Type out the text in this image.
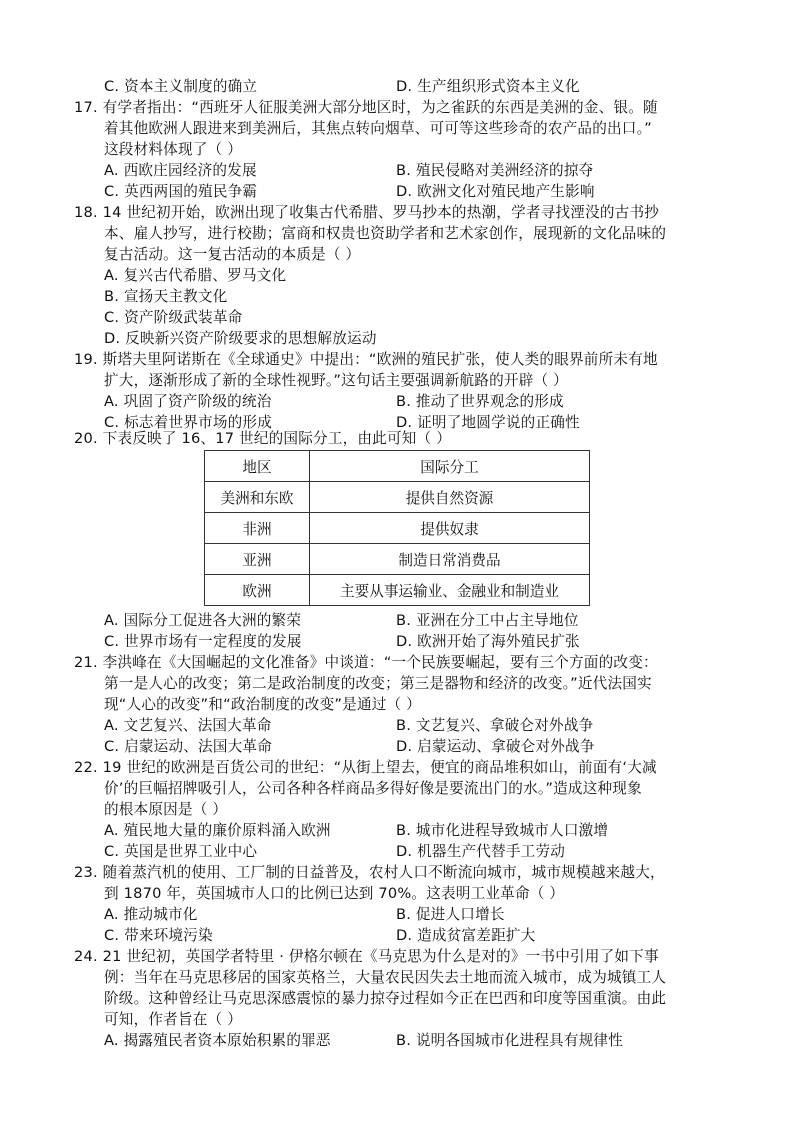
C. 资本主义制度的确立	D. 生产组织形式资本主义化
17. 有学者指出：“西班牙人征服美洲大部分地区时，为之雀跃的东西是美洲的金、银。随
着其他欧洲人跟进来到美洲后，其焦点转向烟草、可可等这些珍奇的农产品的出口。”
这段材料体现了（ ）
A. 西欧庄园经济的发展	B. 殖民侵略对美洲经济的掠夺
C. 英西两国的殖民争霸	D. 欧洲文化对殖民地产生影响
18. 14 世纪初开始，欧洲出现了收集古代希腊、罗马抄本的热潮，学者寻找湮没的古书抄
本、雇人抄写，进行校勘；富商和权贵也资助学者和艺术家创作，展现新的文化品味的
复古活动。这一复古活动的本质是（ ）
A. 复兴古代希腊、罗马文化
B. 宣扬天主教文化
C. 资产阶级武装革命
D. 反映新兴资产阶级要求的思想解放运动
19. 斯塔夫里阿诺斯在《全球通史》中提出：“欧洲的殖民扩张，使人类的眼界前所未有地
扩大，逐渐形成了新的全球性视野。”这句话主要强调新航路的开辟（ ）
A. 巩固了资产阶级的统治	B. 推动了世界观念的形成
C. 标志着世界市场的形成	D. 证明了地圆学说的正确性
20. 下表反映了 16、17 世纪的国际分工，由此可知（ ）
地区	国际分工
美洲和东欧	提供自然资源
非洲	提供奴隶
亚洲	制造日常消费品
欧洲	主要从事运输业、金融业和制造业
A. 国际分工促进各大洲的繁荣	B. 亚洲在分工中占主导地位
C. 世界市场有一定程度的发展	D. 欧洲开始了海外殖民扩张
21. 李洪峰在《大国崛起的文化准备》中谈道：“一个民族要崛起，要有三个方面的改变：
第一是人心的改变；第二是政治制度的改变；第三是器物和经济的改变。”近代法国实
现“人心的改变”和“政治制度的改变”是通过（ ）
A. 文艺复兴、法国大革命	B. 文艺复兴、拿破仑对外战争
C. 启蒙运动、法国大革命	D. 启蒙运动、拿破仑对外战争
22. 19 世纪的欧洲是百货公司的世纪：“从街上望去，便宜的商品堆积如山，前面有‘大减
价’的巨幅招牌吸引人，公司各种各样商品多得好像是要流出门的水。”造成这种现象
的根本原因是（ ）
A. 殖民地大量的廉价原料涌入欧洲	B. 城市化进程导致城市人口激增
C. 英国是世界工业中心	D. 机器生产代替手工劳动
23. 随着蒸汽机的使用、工厂制的日益普及，农村人口不断流向城市，城市规模越来越大，
到 1870 年，英国城市人口的比例已达到 70%。这表明工业革命（ ）
A. 推动城市化	B. 促进人口增长
C. 带来环境污染	D. 造成贫富差距扩大
24. 21 世纪初，英国学者特里 · 伊格尔顿在《马克思为什么是对的》一书中引用了如下事
例：当年在马克思移居的国家英格兰，大量农民因失去土地而流入城市，成为城镇工人
阶级。这种曾经让马克思深感震惊的暴力掠夺过程如今正在巴西和印度等国重演。由此
可知，作者旨在（ ）
A. 揭露殖民者资本原始积累的罪恶	B. 说明各国城市化进程具有规律性
